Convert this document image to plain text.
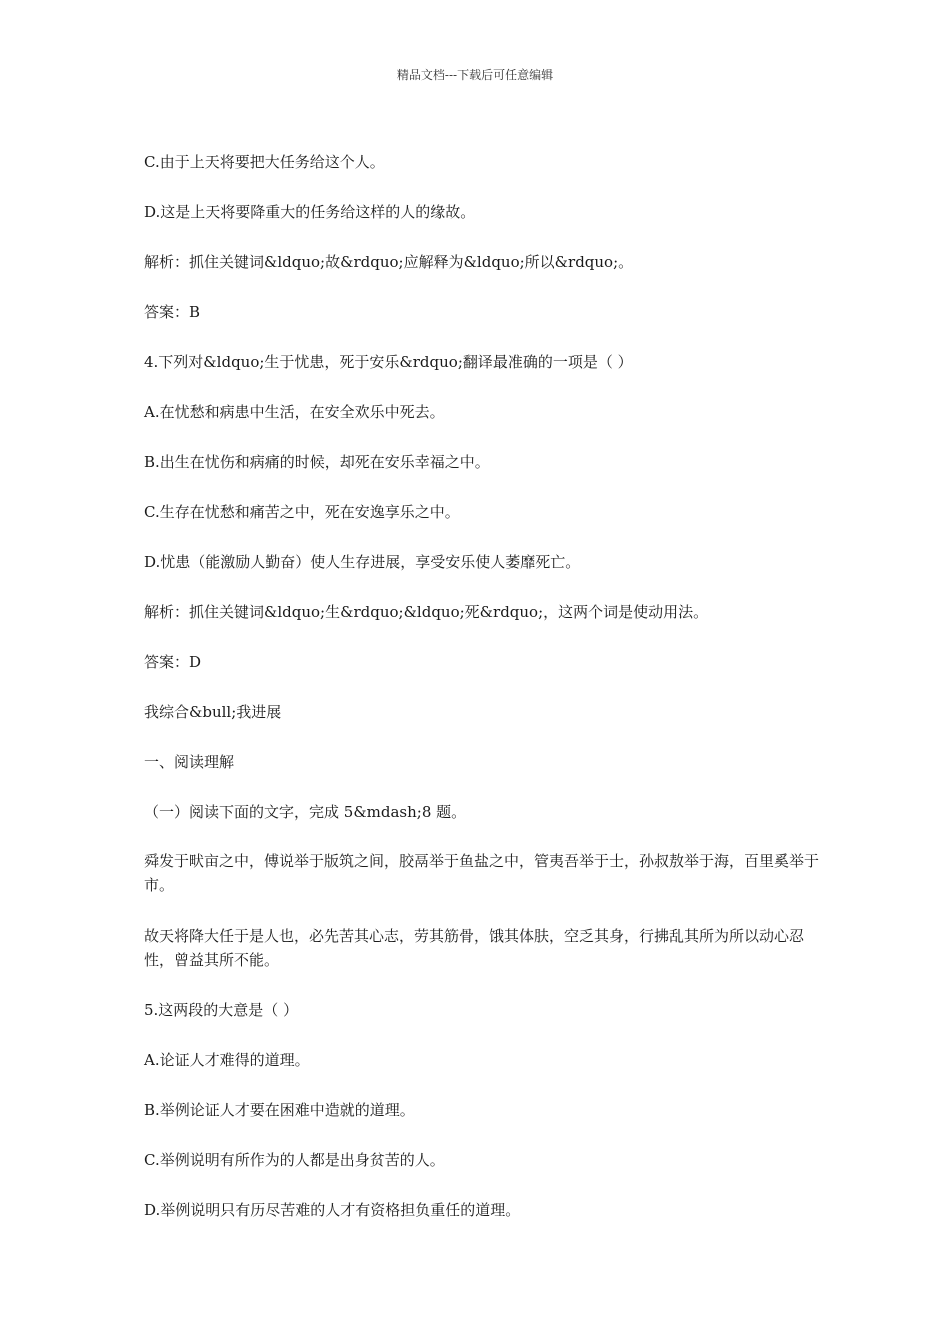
精品文档---下载后可任意编辑
C.由于上天将要把大任务给这个人。
D.这是上天将要降重大的任务给这样的人的缘故。
解析：抓住关键词&ldquo;故&rdquo;应解释为&ldquo;所以&rdquo;。
答案：B
4.下列对&ldquo;生于忧患，死于安乐&rdquo;翻译最准确的一项是（ ）
A.在忧愁和病患中生活，在安全欢乐中死去。
B.出生在忧伤和病痛的时候，却死在安乐幸福之中。
C.生存在忧愁和痛苦之中，死在安逸享乐之中。
D.忧患（能激励人勤奋）使人生存进展，享受安乐使人萎靡死亡。
解析：抓住关键词&ldquo;生&rdquo;&ldquo;死&rdquo;，这两个词是使动用法。
答案：D
我综合&bull;我进展
一、阅读理解
（一）阅读下面的文字，完成 5&mdash;8 题。
舜发于畎亩之中，傅说举于版筑之间，胶鬲举于鱼盐之中，管夷吾举于士，孙叔敖举于海，百里奚举于市。
故天将降大任于是人也，必先苦其心志，劳其筋骨，饿其体肤，空乏其身，行拂乱其所为所以动心忍性，曾益其所不能。
5.这两段的大意是（ ）
A.论证人才难得的道理。
B.举例论证人才要在困难中造就的道理。
C.举例说明有所作为的人都是出身贫苦的人。
D.举例说明只有历尽苦难的人才有资格担负重任的道理。
